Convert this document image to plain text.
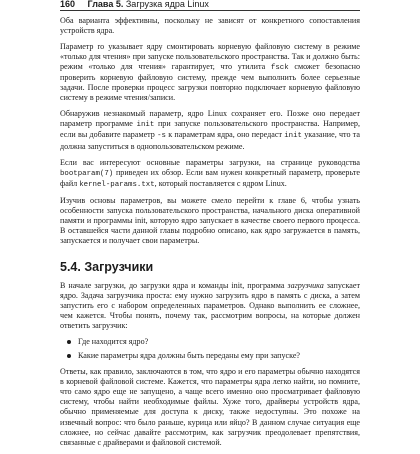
160 Глава 5. Загрузка ядра Linux

Оба варианта эффективны, поскольку не зависят от конкретного сопоставления устройств ядра.

Параметр ro указывает ядру смонтировать корневую файловую систему в режиме «только для чтения» при запуске пользовательского пространства. Так и должно быть: режим «только для чтения» гарантирует, что утилита fsck сможет безопасно проверить корневую файловую систему, прежде чем выполнить более серьезные задачи. После проверки процесс загрузки повторно подключает корневую файловую систему в режиме чтения/записи.

Обнаружив незнакомый параметр, ядро Linux сохраняет его. Позже оно передает параметр программе init при запуске пользовательского пространства. Например, если вы добавите параметр -s к параметрам ядра, оно передаст init указание, что та должна запуститься в однопользовательском режиме.

Если вас интересуют основные параметры загрузки, на странице руководства bootparam(7) приведен их обзор. Если вам нужен конкретный параметр, проверьте файл kernel-params.txt, который поставляется с ядром Linux.

Изучив основы параметров, вы можете смело перейти к главе 6, чтобы узнать особенности запуска пользовательского пространства, начального диска оперативной памяти и программы init, которую ядро запускает в качестве своего первого процесса. В оставшейся части данной главы подробно описано, как ядро загружается в память, запускается и получает свои параметры.

5.4. Загрузчики

В начале загрузки, до загрузки ядра и команды init, программа загрузчика запускает ядро. Задача загрузчика проста: ему нужно загрузить ядро в память с диска, а затем запустить его с набором определенных параметров. Однако выполнить ее сложнее, чем кажется. Чтобы понять, почему так, рассмотрим вопросы, на которые должен ответить загрузчик:

Где находится ядро?
Какие параметры ядра должны быть переданы ему при запуске?

Ответы, как правило, заключаются в том, что ядро и его параметры обычно находятся в корневой файловой системе. Кажется, что параметры ядра легко найти, но помните, что само ядро еще не запущено, а чаще всего именно оно просматривает файловую систему, чтобы найти необходимые файлы. Хуже того, драйверы устройств ядра, обычно применяемые для доступа к диску, также недоступны. Это похоже на извечный вопрос: что было раньше, курица или яйцо? В данном случае ситуация еще сложнее, но сейчас давайте рассмотрим, как загрузчик преодолевает препятствия, связанные с драйверами и файловой системой.
